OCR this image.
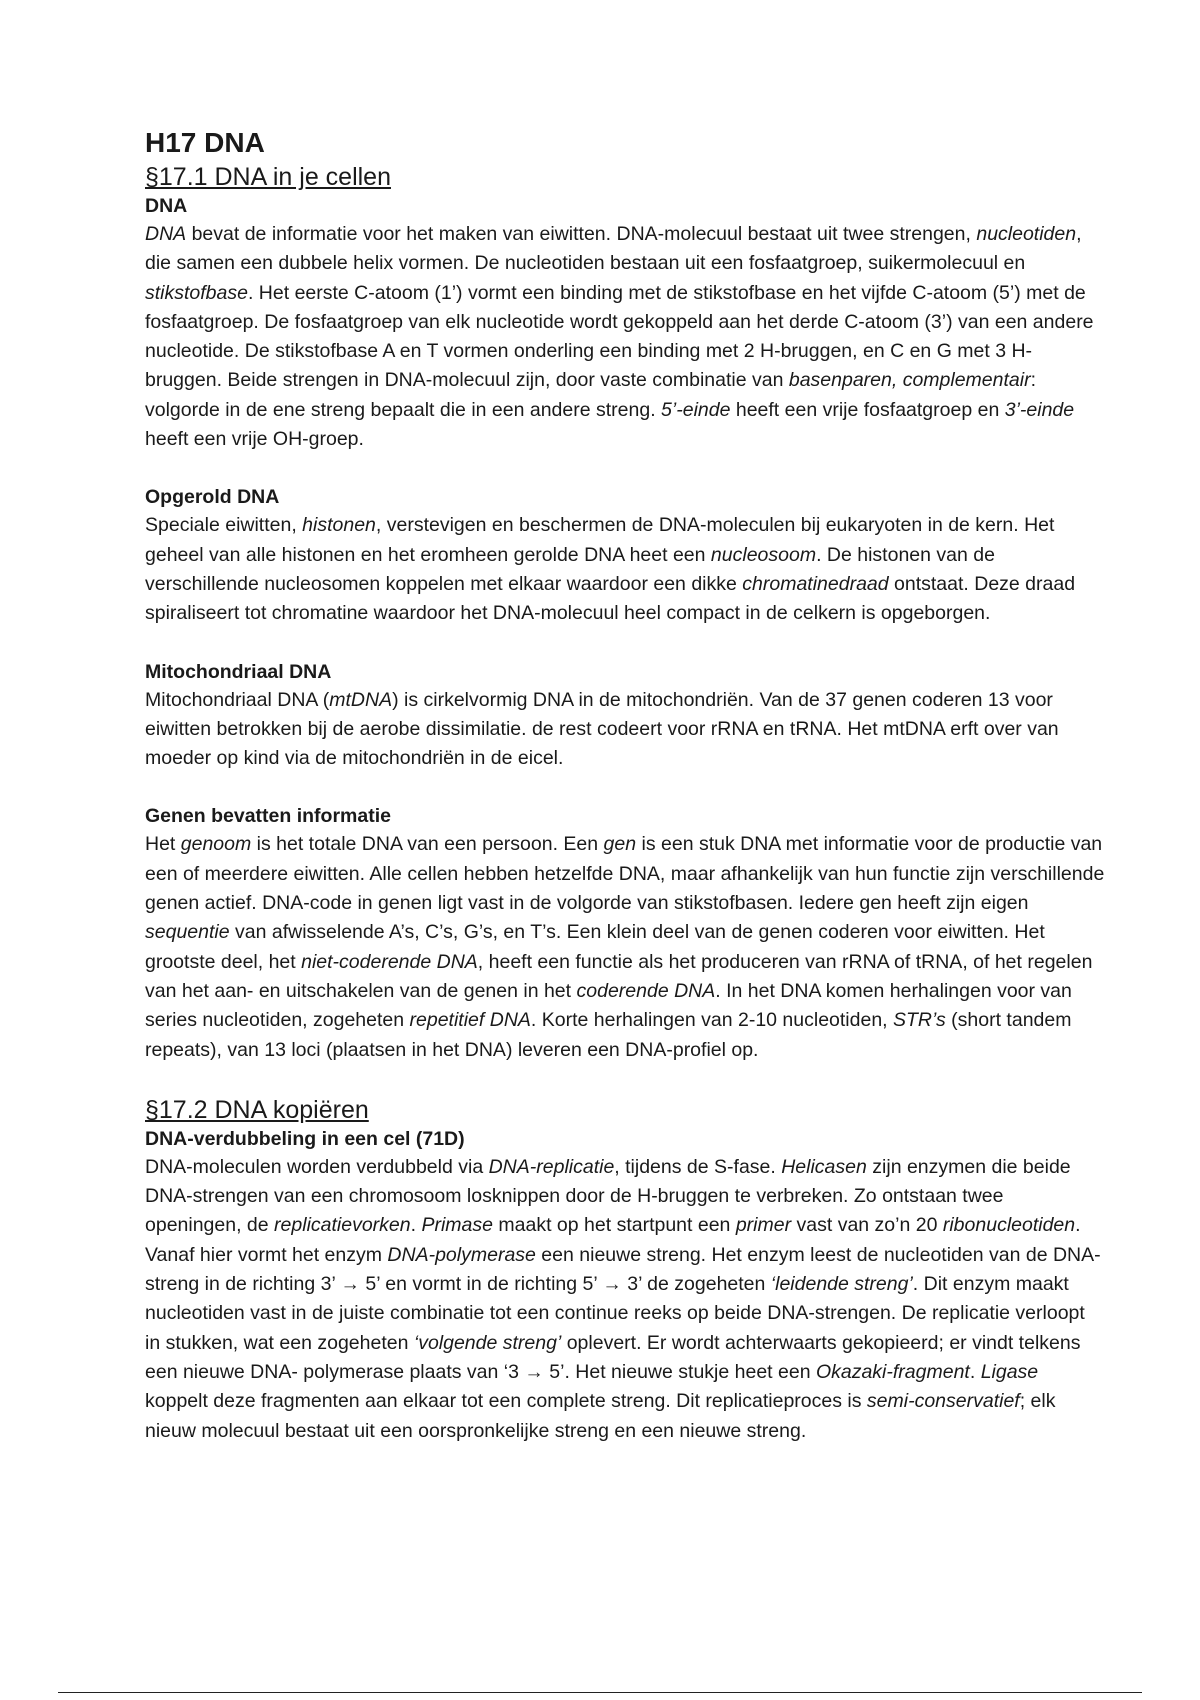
H17 DNA
§17.1 DNA in je cellen
DNA

DNA bevat de informatie voor het maken van eiwitten. DNA-molecuul bestaat uit twee strengen, nucleotiden, die samen een dubbele helix vormen. De nucleotiden bestaan uit een fosfaatgroep, suikermolecuul en stikstofbase. Het eerste C-atoom (1’) vormt een binding met de stikstofbase en het vijfde C-atoom (5’) met de fosfaatgroep. De fosfaatgroep van elk nucleotide wordt gekoppeld aan het derde C-atoom (3’) van een andere nucleotide. De stikstofbase A en T vormen onderling een binding met 2 H-bruggen, en C en G met 3 H-bruggen. Beide strengen in DNA-molecuul zijn, door vaste combinatie van basenparen, complementair: volgorde in de ene streng bepaalt die in een andere streng. 5’-einde heeft een vrije fosfaatgroep en 3’-einde heeft een vrije OH-groep.

Opgerold DNA

Speciale eiwitten, histonen, verstevigen en beschermen de DNA-moleculen bij eukaryoten in de kern. Het geheel van alle histonen en het eromheen gerolde DNA heet een nucleosoom. De histonen van de verschillende nucleosomen koppelen met elkaar waardoor een dikke chromatinedraad ontstaat. Deze draad spiraliseert tot chromatine waardoor het DNA-molecuul heel compact in de celkern is opgeborgen.

Mitochondriaal DNA

Mitochondriaal DNA (mtDNA) is cirkelvormig DNA in de mitochondriën. Van de 37 genen coderen 13 voor eiwitten betrokken bij de aerobe dissimilatie. de rest codeert voor rRNA en tRNA. Het mtDNA erft over van moeder op kind via de mitochondriën in de eicel.

Genen bevatten informatie

Het genoom is het totale DNA van een persoon. Een gen is een stuk DNA met informatie voor de productie van een of meerdere eiwitten. Alle cellen hebben hetzelfde DNA, maar afhankelijk van hun functie zijn verschillende genen actief. DNA-code in genen ligt vast in de volgorde van stikstofbasen. Iedere gen heeft zijn eigen sequentie van afwisselende A’s, C’s, G’s, en T’s. Een klein deel van de genen coderen voor eiwitten. Het grootste deel, het niet-coderende DNA, heeft een functie als het produceren van rRNA of tRNA, of het regelen van het aan- en uitschakelen van de genen in het coderende DNA. In het DNA komen herhalingen voor van series nucleotiden, zogeheten repetitief DNA. Korte herhalingen van 2-10 nucleotiden, STR’s (short tandem repeats), van 13 loci (plaatsen in het DNA) leveren een DNA-profiel op.

§17.2 DNA kopiëren
DNA-verdubbeling in een cel (71D)

DNA-moleculen worden verdubbeld via DNA-replicatie, tijdens de S-fase. Helicasen zijn enzymen die beide DNA-strengen van een chromosoom losknippen door de H-bruggen te verbreken. Zo ontstaan twee openingen, de replicatievorken. Primase maakt op het startpunt een primer vast van zo’n 20 ribonucleotiden. Vanaf hier vormt het enzym DNA-polymerase een nieuwe streng. Het enzym leest de nucleotiden van de DNA-streng in de richting 3’ → 5’ en vormt in de richting 5’ → 3’ de zogeheten ‘leidende streng’. Dit enzym maakt nucleotiden vast in de juiste combinatie tot een continue reeks op beide DNA-strengen. De replicatie verloopt in stukken, wat een zogeheten ‘volgende streng’ oplevert. Er wordt achterwaarts gekopieerd; er vindt telkens een nieuwe DNA- polymerase plaats van ‘3 → 5’. Het nieuwe stukje heet een Okazaki-fragment. Ligase koppelt deze fragmenten aan elkaar tot een complete streng. Dit replicatieproces is semi-conservatief; elk nieuw molecuul bestaat uit een oorspronkelijke streng en een nieuwe streng.
